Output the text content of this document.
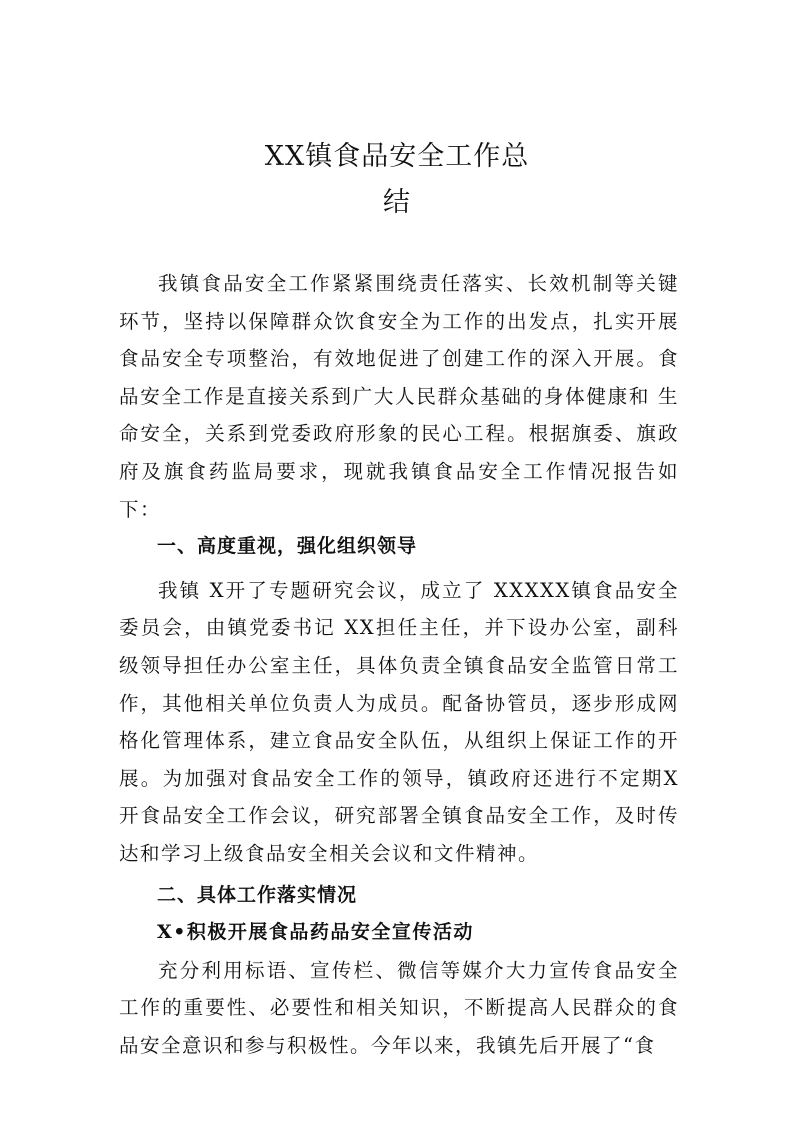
XX镇食品安全工作总
结

我镇食品安全工作紧紧围绕责任落实、长效机制等关键环节，坚持以保障群众饮食安全为工作的出发点，扎实开展食品安全专项整治，有效地促进了创建工作的深入开展。食品安全工作是直接关系到广大人民群众基础的身体健康和 生命安全，关系到党委政府形象的民心工程。根据旗委、旗政府及旗食药监局要求，现就我镇食品安全工作情况报告如下：

一、高度重视，强化组织领导

我镇 X开了专题研究会议，成立了 XXXXX镇食品安全委员会，由镇党委书记 XX担任主任，并下设办公室，副科级领导担任办公室主任，具体负责全镇食品安全监管日常工作，其他相关单位负责人为成员。配备协管员，逐步形成网格化管理体系，建立食品安全队伍，从组织上保证工作的开展。为加强对食品安全工作的领导，镇政府还进行不定期X开食品安全工作会议，研究部署全镇食品安全工作，及时传达和学习上级食品安全相关会议和文件精神。

二、具体工作落实情况

X•积极开展食品药品安全宣传活动

充分利用标语、宣传栏、微信等媒介大力宣传食品安全工作的重要性、必要性和相关知识，不断提高人民群众的食品安全意识和参与积极性。今年以来，我镇先后开展了“食
